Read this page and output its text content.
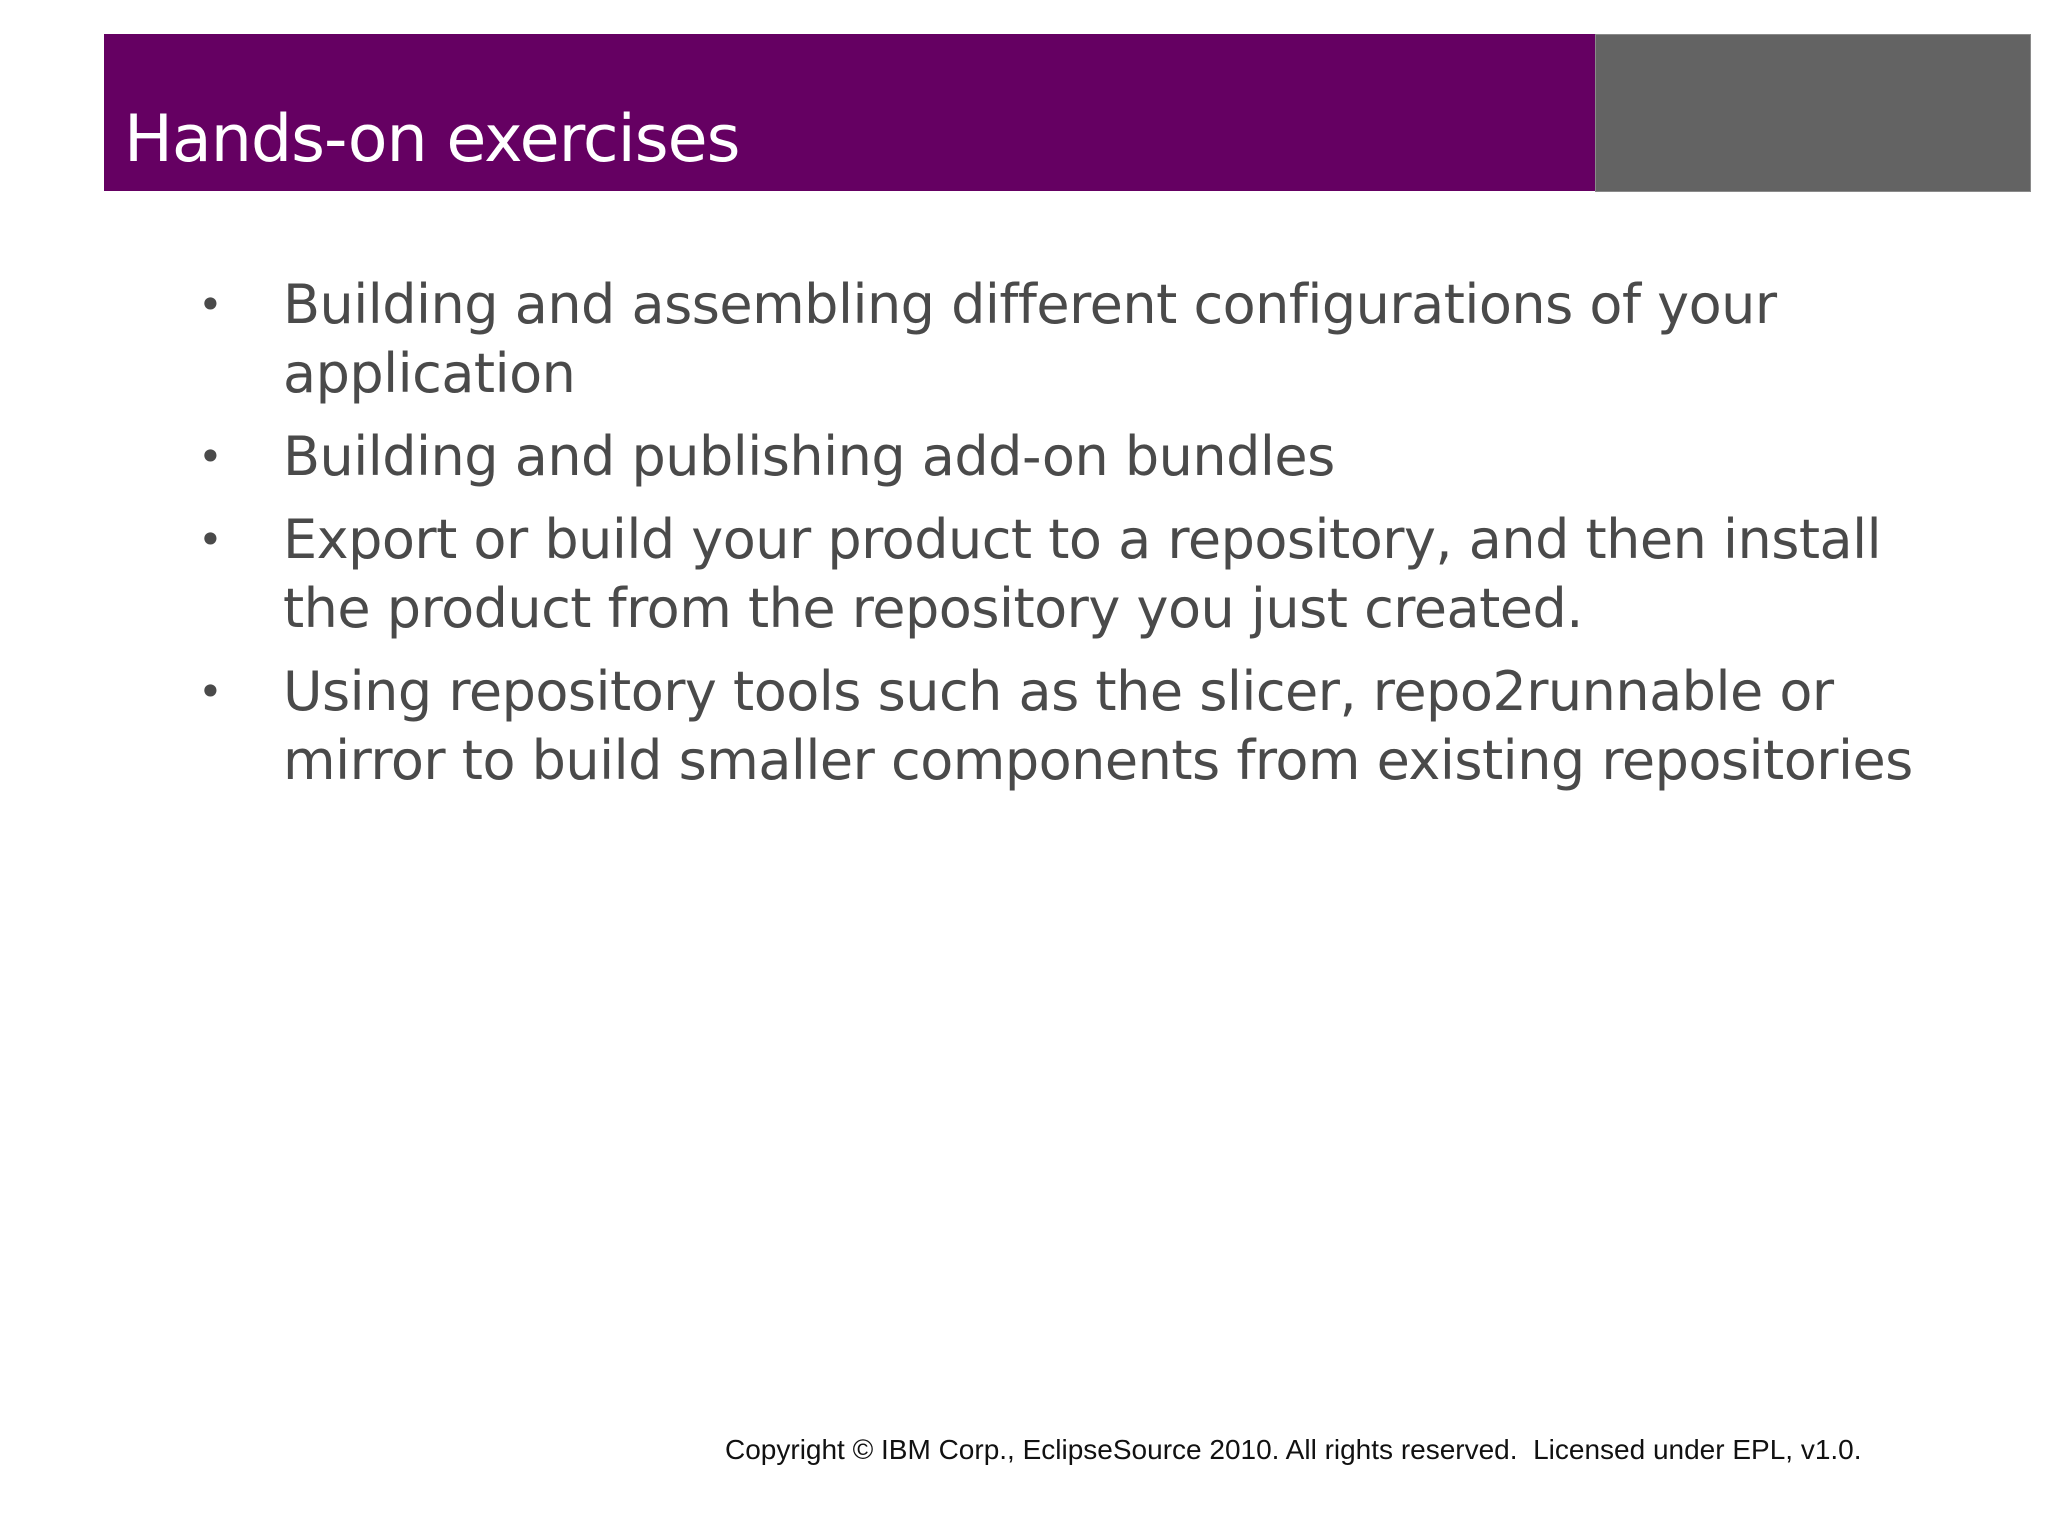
Hands-on exercises
• Building and assembling different configurations of your application
• Building and publishing add-on bundles
• Export or build your product to a repository, and then install the product from the repository you just created.
• Using repository tools such as the slicer, repo2runnable or mirror to build smaller components from existing repositories
Copyright © IBM Corp., EclipseSource 2010. All rights reserved.  Licensed under EPL, v1.0.
